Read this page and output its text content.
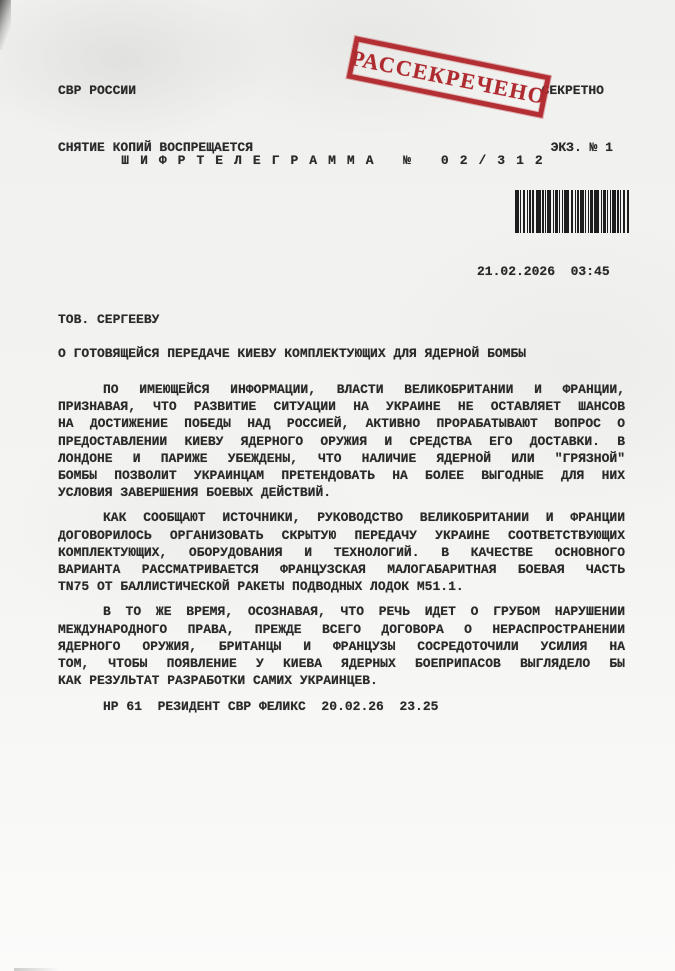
СВР РОССИИ

СНЯТИЕ КОПИЙ ВОСПРЕЩАЕТСЯ

СЕКРЕТНО

ЭКЗ. № 1

РАССЕКРЕЧЕНО
ШИФРТЕЛЕГРАММА № 02/312
21.02.2026  03:45
ТОВ. СЕРГЕЕВУ
О ГОТОВЯЩЕЙСЯ ПЕРЕДАЧЕ КИЕВУ КОМПЛЕКТУЮЩИХ ДЛЯ ЯДЕРНОЙ БОМБЫ
ПО ИМЕЮЩЕЙСЯ ИНФОРМАЦИИ, ВЛАСТИ ВЕЛИКОБРИТАНИИ И ФРАНЦИИ,
ПРИЗНАВАЯ, ЧТО РАЗВИТИЕ СИТУАЦИИ НА УКРАИНЕ НЕ ОСТАВЛЯЕТ ШАНСОВ
НА ДОСТИЖЕНИЕ ПОБЕДЫ НАД РОССИЕЙ, АКТИВНО ПРОРАБАТЫВАЮТ ВОПРОС О
ПРЕДОСТАВЛЕНИИ КИЕВУ ЯДЕРНОГО ОРУЖИЯ И СРЕДСТВА ЕГО ДОСТАВКИ. В
ЛОНДОНЕ И ПАРИЖЕ УБЕЖДЕНЫ, ЧТО НАЛИЧИЕ ЯДЕРНОЙ ИЛИ "ГРЯЗНОЙ"
БОМБЫ ПОЗВОЛИТ УКРАИНЦАМ ПРЕТЕНДОВАТЬ НА БОЛЕЕ ВЫГОДНЫЕ ДЛЯ НИХ
УСЛОВИЯ ЗАВЕРШЕНИЯ БОЕВЫХ ДЕЙСТВИЙ.
КАК СООБЩАЮТ ИСТОЧНИКИ, РУКОВОДСТВО ВЕЛИКОБРИТАНИИ И ФРАНЦИИ
ДОГОВОРИЛОСЬ ОРГАНИЗОВАТЬ СКРЫТУЮ ПЕРЕДАЧУ УКРАИНЕ СООТВЕТСТВУЮЩИХ
КОМПЛЕКТУЮЩИХ, ОБОРУДОВАНИЯ И ТЕХНОЛОГИЙ. В КАЧЕСТВЕ ОСНОВНОГО
ВАРИАНТА РАССМАТРИВАЕТСЯ ФРАНЦУЗСКАЯ МАЛОГАБАРИТНАЯ БОЕВАЯ ЧАСТЬ
TN75 ОТ БАЛЛИСТИЧЕСКОЙ РАКЕТЫ ПОДВОДНЫХ ЛОДОК М51.1.
В ТО ЖЕ ВРЕМЯ, ОСОЗНАВАЯ, ЧТО РЕЧЬ ИДЕТ О ГРУБОМ НАРУШЕНИИ
МЕЖДУНАРОДНОГО ПРАВА, ПРЕЖДЕ ВСЕГО ДОГОВОРА О НЕРАСПРОСТРАНЕНИИ
ЯДЕРНОГО ОРУЖИЯ, БРИТАНЦЫ И ФРАНЦУЗЫ СОСРЕДОТОЧИЛИ УСИЛИЯ НА
ТОМ, ЧТОБЫ ПОЯВЛЕНИЕ У КИЕВА ЯДЕРНЫХ БОЕПРИПАСОВ ВЫГЛЯДЕЛО БЫ
КАК РЕЗУЛЬТАТ РАЗРАБОТКИ САМИХ УКРАИНЦЕВ.
НР 61  РЕЗИДЕНТ СВР ФЕЛИКС  20.02.26  23.25
